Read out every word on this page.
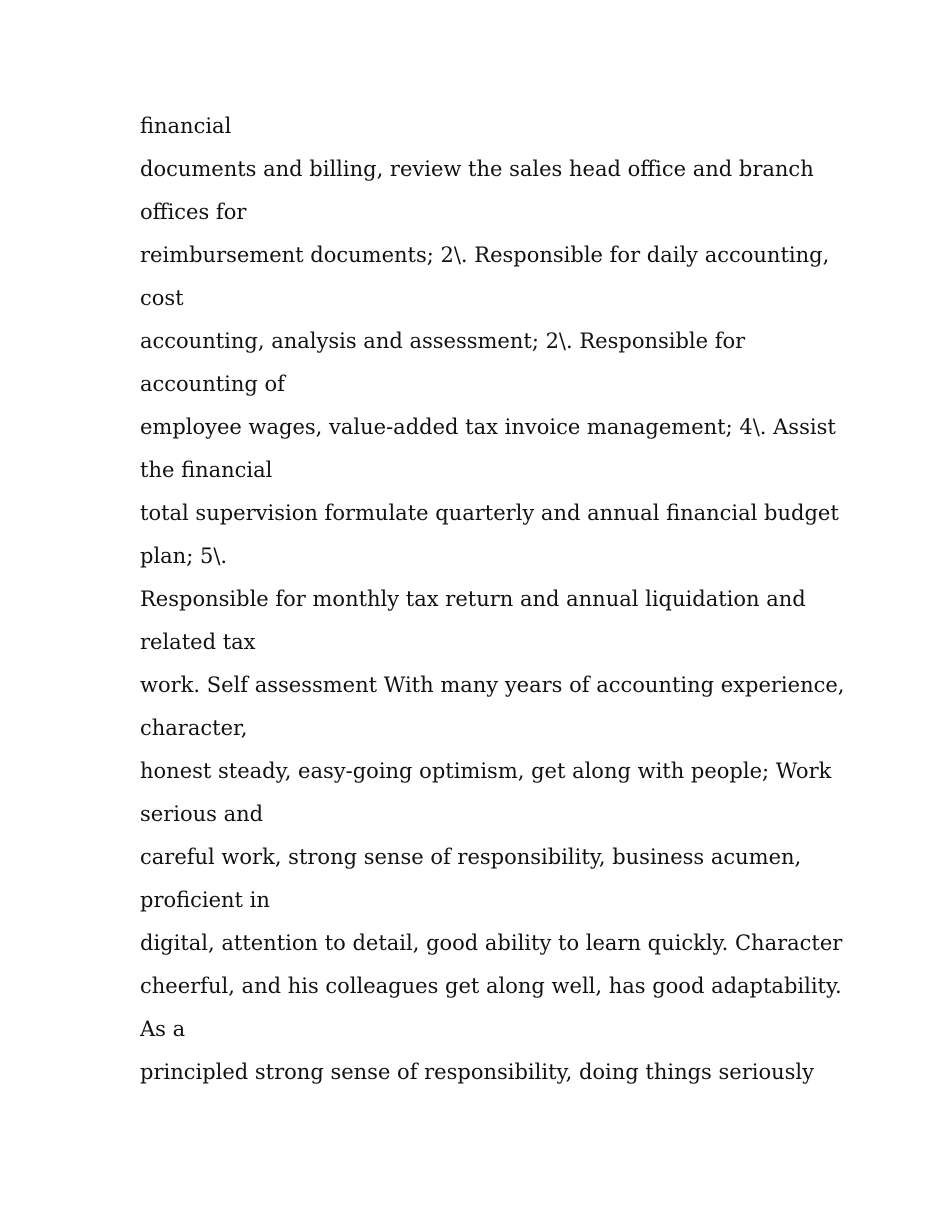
financial
documents and billing, review the sales head office and branch
offices for
reimbursement documents; 2\. Responsible for daily accounting,
cost
accounting, analysis and assessment; 2\. Responsible for
accounting of
employee wages, value-added tax invoice management; 4\. Assist
the financial
total supervision formulate quarterly and annual financial budget
plan; 5\.
Responsible for monthly tax return and annual liquidation and
related tax
work. Self assessment With many years of accounting experience,
character,
honest steady, easy-going optimism, get along with people; Work
serious and
careful work, strong sense of responsibility, business acumen,
proficient in
digital, attention to detail, good ability to learn quickly. Character
cheerful, and his colleagues get along well, has good adaptability.
As a
principled strong sense of responsibility, doing things seriously
